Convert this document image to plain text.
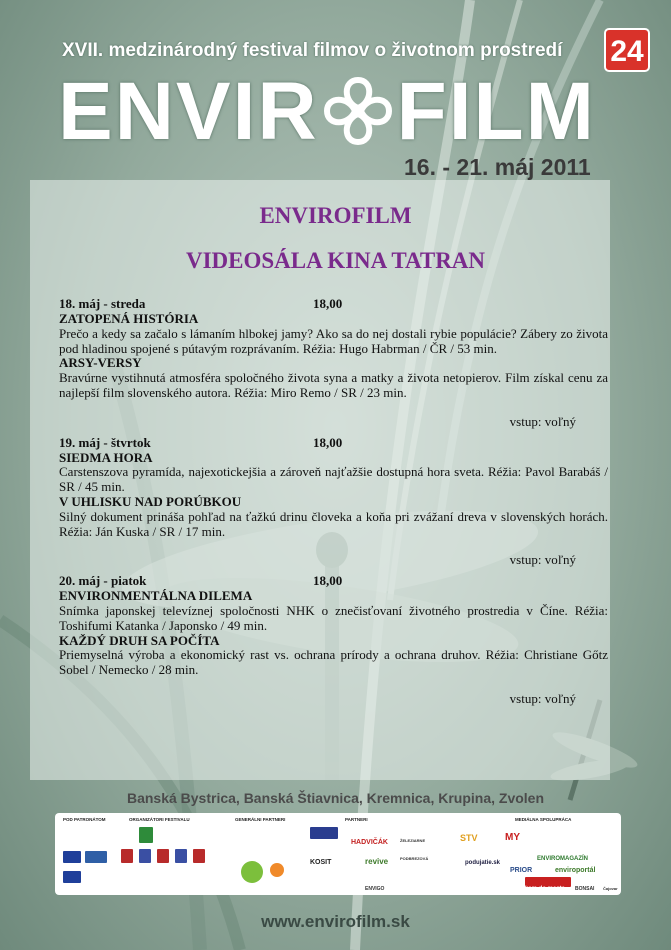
24
XVII. medzinárodný festival filmov o životnom prostredí
ENVIR FILM
16. - 21. máj 2011
ENVIROFILM
VIDEOSÁLA KINA TATRAN
18. máj - streda	18,00
ZATOPENÁ HISTÓRIA
Prečo a kedy sa začalo s lámaním hlbokej jamy? Ako sa do nej dostali rybie populácie? Zábery zo života pod hladinou spojené s pútavým rozprávaním. Réžia: Hugo Habrman / ČR / 53 min.
ARSY-VERSY
Bravúrne vystihnutá atmosféra spoločného života syna a matky a života netopierov. Film získal cenu za najlepší film slovenského autora. Réžia: Miro Remo / SR / 23 min.
vstup: voľný
19. máj - štvrtok	18,00
SIEDMA HORA
Carstenszova pyramída, najexotickejšia a zároveň najťažšie dostupná hora sveta. Réžia: Pavol Barabáš / SR / 45 min.
V UHLISKU NAD PORÚBKOU
Silný dokument prináša pohľad na ťažkú drinu človeka a koňa pri zvážaní dreva v slovenských horách. Réžia: Ján Kuska / SR / 17 min.
vstup: voľný
20. máj - piatok	18,00
ENVIRONMENTÁLNA DILEMA
Snímka japonskej televíznej spoločnosti NHK o znečisťovaní životného prostredia v Číne. Réžia: Toshifumi Katanka / Japonsko / 49 min.
KAŽDÝ DRUH SA POČÍTA
Priemyselná výroba a ekonomický rast vs. ochrana prírody a ochrana druhov. Réžia: Christiane Gőtz Sobel / Nemecko / 28 min.
vstup: voľný
Banská Bystrica, Banská Štiavnica, Kremnica, Krupina, Zvolen
POD PATRONÁTOM	ORGANIZÁTORI FESTIVALU	GENERÁLNI PARTNERI	PARTNERI	MEDIÁLNA SPOLUPRÁCA
HADVIČÁK
KOSIT	revive
STV	MY
podujatie.sk
ENVIROMAGAZÍN
PRIOR	enviroportál
kam do mesta
ENVIGO
ŽELEZIARNE PODBREZOVÁ
BONSAI	Čajovar
www.envirofilm.sk
